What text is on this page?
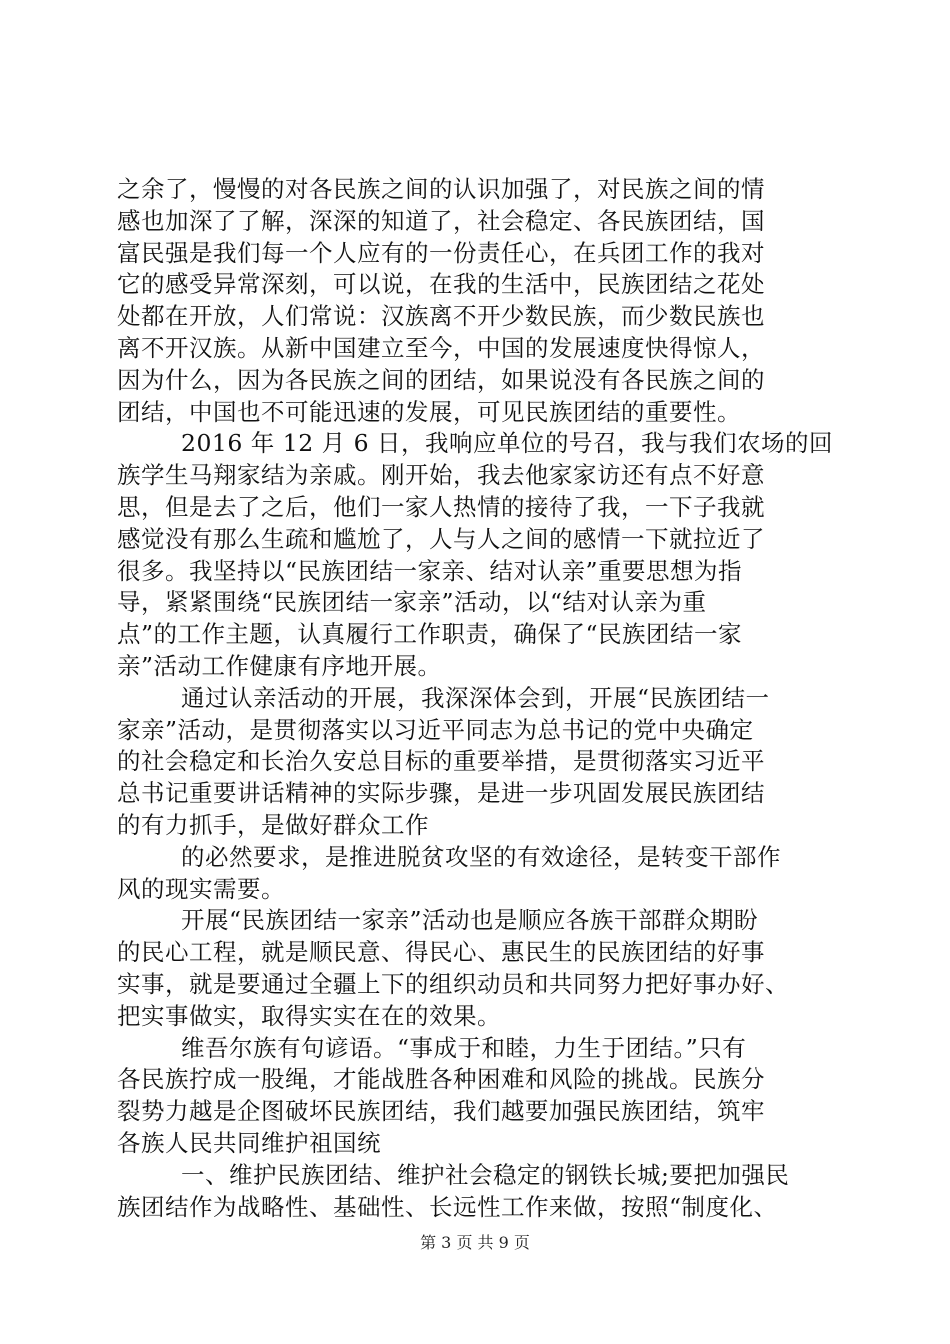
之余了，慢慢的对各民族之间的认识加强了，对民族之间的情
感也加深了了解，深深的知道了，社会稳定、各民族团结，国
富民强是我们每一个人应有的一份责任心，在兵团工作的我对
它的感受异常深刻，可以说，在我的生活中，民族团结之花处
处都在开放，人们常说：汉族离不开少数民族，而少数民族也
离不开汉族。从新中国建立至今，中国的发展速度快得惊人，
因为什么，因为各民族之间的团结，如果说没有各民族之间的
团结，中国也不可能迅速的发展，可见民族团结的重要性。
2016 年 12 月 6 日，我响应单位的号召，我与我们农场的回
族学生马翔家结为亲戚。刚开始，我去他家家访还有点不好意
思，但是去了之后，他们一家人热情的接待了我，一下子我就
感觉没有那么生疏和尴尬了，人与人之间的感情一下就拉近了
很多。我坚持以“民族团结一家亲、结对认亲”重要思想为指
导，紧紧围绕“民族团结一家亲”活动，以“结对认亲为重
点”的工作主题，认真履行工作职责，确保了“民族团结一家
亲”活动工作健康有序地开展。
通过认亲活动的开展，我深深体会到，开展“民族团结一
家亲”活动，是贯彻落实以习近平同志为总书记的党中央确定
的社会稳定和长治久安总目标的重要举措，是贯彻落实习近平
总书记重要讲话精神的实际步骤，是进一步巩固发展民族团结
的有力抓手，是做好群众工作
的必然要求，是推进脱贫攻坚的有效途径，是转变干部作
风的现实需要。
开展“民族团结一家亲”活动也是顺应各族干部群众期盼
的民心工程，就是顺民意、得民心、惠民生的民族团结的好事
实事，就是要通过全疆上下的组织动员和共同努力把好事办好、
把实事做实，取得实实在在的效果。
维吾尔族有句谚语。“事成于和睦，力生于团结。”只有
各民族拧成一股绳，才能战胜各种困难和风险的挑战。民族分
裂势力越是企图破坏民族团结，我们越要加强民族团结，筑牢
各族人民共同维护祖国统
一、维护民族团结、维护社会稳定的钢铁长城;要把加强民
族团结作为战略性、基础性、长远性工作来做，按照“制度化、
第 3 页 共 9 页
